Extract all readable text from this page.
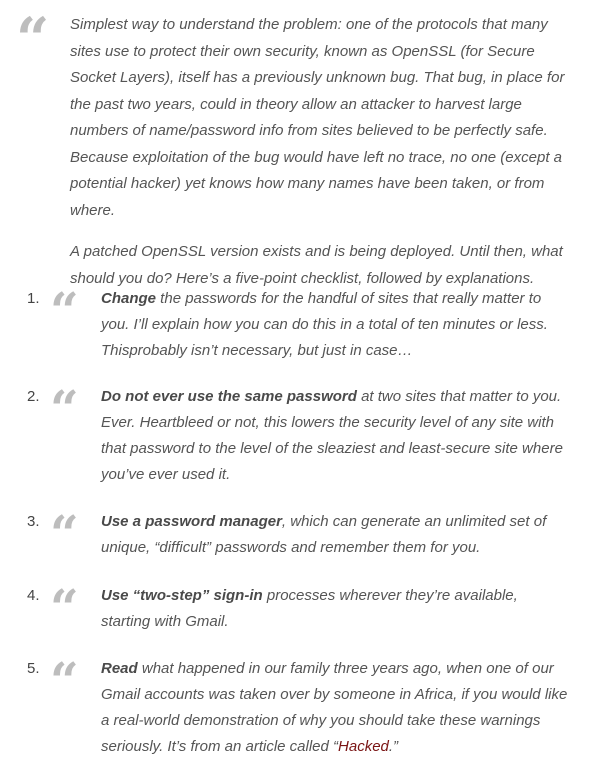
“ Simplest way to understand the problem: one of the protocols that many sites use to protect their own security, known as OpenSSL (for Secure Socket Layers), itself has a previously unknown bug. That bug, in place for the past two years, could in theory allow an attacker to harvest large numbers of name/password info from sites believed to be perfectly safe. Because exploitation of the bug would have left no trace, no one (except a potential hacker) yet knows how many names have been taken, or from where.

A patched OpenSSL version exists and is being deployed. Until then, what should you do? Here’s a five-point checklist, followed by explanations.

1. “ Change the passwords for the handful of sites that really matter to you. I’ll explain how you can do this in a total of ten minutes or less. Thisprobably isn’t necessary, but just in case…
2. “ Do not ever use the same password at two sites that matter to you. Ever. Heartbleed or not, this lowers the security level of any site with that password to the level of the sleaziest and least-secure site where you’ve ever used it.
3. “ Use a password manager, which can generate an unlimited set of unique, “difficult” passwords and remember them for you.
4. “ Use “two-step” sign-in processes wherever they’re available, starting with Gmail.
5. “ Read what happened in our family three years ago, when one of our Gmail accounts was taken over by someone in Africa, if you would like a real-world demonstration of why you should take these warnings seriously. It’s from an article called “Hacked.”
